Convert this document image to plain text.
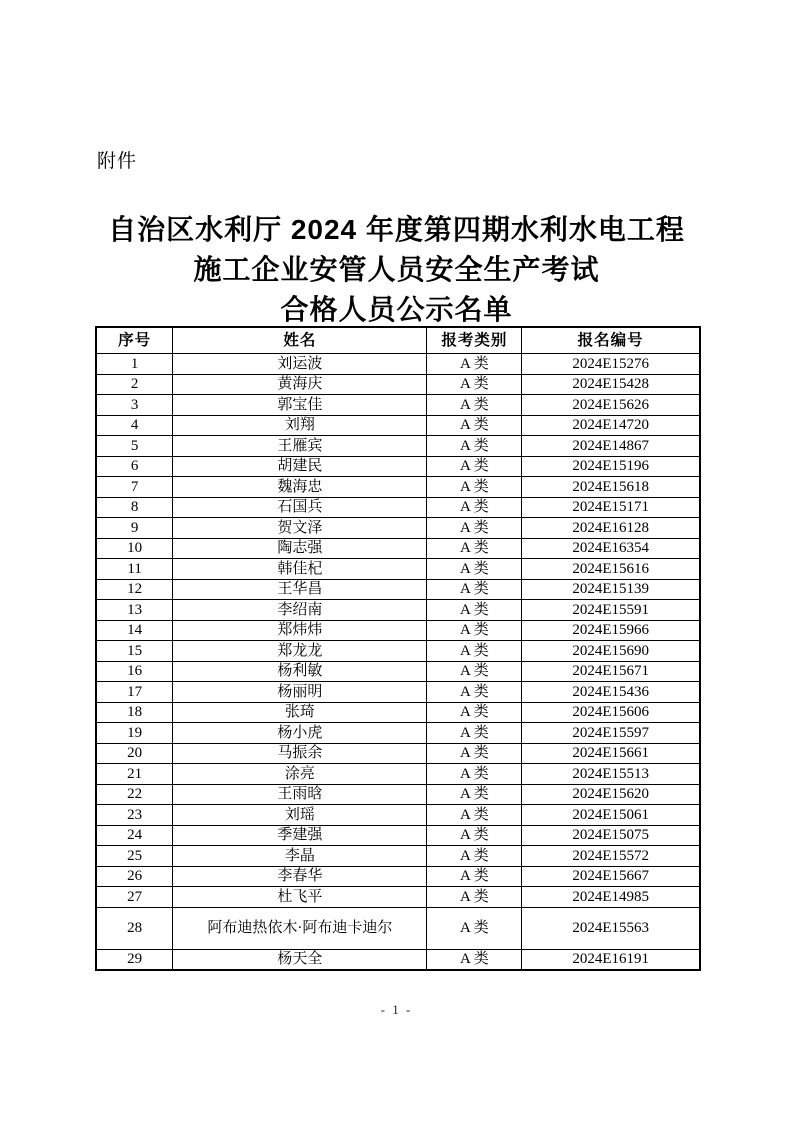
附件
自治区水利厅 2024 年度第四期水利水电工程
施工企业安管人员安全生产考试
合格人员公示名单
序号	姓名	报考类别	报名编号
1	刘运波	A 类	2024E15276
2	黄海庆	A 类	2024E15428
3	郭宝佳	A 类	2024E15626
4	刘翔	A 类	2024E14720
5	王雁宾	A 类	2024E14867
6	胡建民	A 类	2024E15196
7	魏海忠	A 类	2024E15618
8	石国兵	A 类	2024E15171
9	贺文泽	A 类	2024E16128
10	陶志强	A 类	2024E16354
11	韩佳杞	A 类	2024E15616
12	王华昌	A 类	2024E15139
13	李绍南	A 类	2024E15591
14	郑炜炜	A 类	2024E15966
15	郑龙龙	A 类	2024E15690
16	杨利敏	A 类	2024E15671
17	杨丽明	A 类	2024E15436
18	张琦	A 类	2024E15606
19	杨小虎	A 类	2024E15597
20	马振余	A 类	2024E15661
21	涂亮	A 类	2024E15513
22	王雨晗	A 类	2024E15620
23	刘瑶	A 类	2024E15061
24	季建强	A 类	2024E15075
25	李晶	A 类	2024E15572
26	李春华	A 类	2024E15667
27	杜飞平	A 类	2024E14985
28	阿布迪热依木·阿布迪卡迪尔	A 类	2024E15563
29	杨天全	A 类	2024E16191
- 1 -
